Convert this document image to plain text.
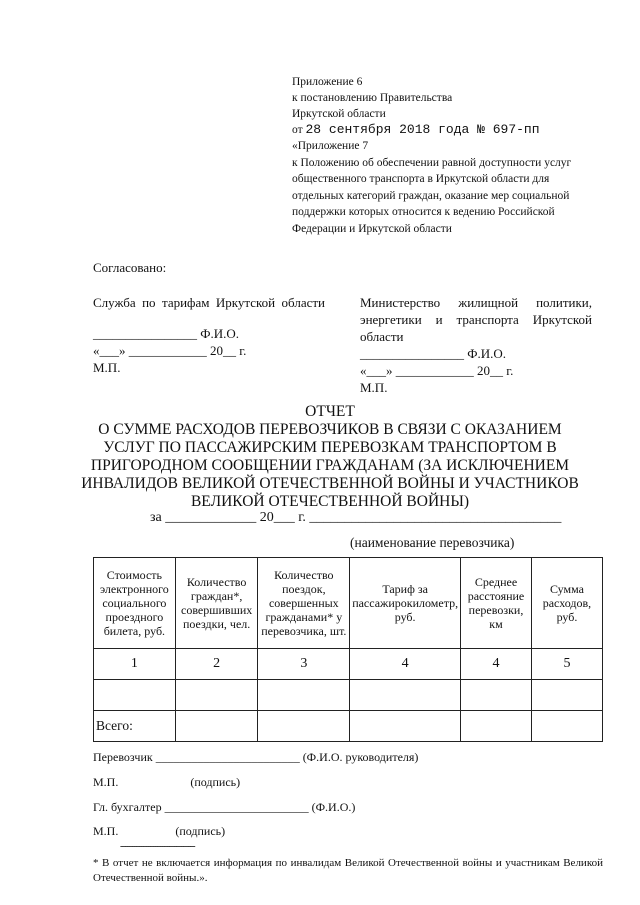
Приложение 6
к постановлению Правительства
Иркутской области
от 28 сентября 2018 года № 697-пп
«Приложение 7
к Положению об обеспечении равной доступности услуг общественного транспорта в Иркутской области для отдельных категорий граждан, оказание мер социальной поддержки которых относится к ведению Российской Федерации и Иркутской области
Согласовано:
Служба по тарифам Иркутской области
________________ Ф.И.О.
«___» ____________ 20__ г.
М.П.
Министерство жилищной политики, энергетики и транспорта Иркутской области
________________ Ф.И.О.
«___» ____________ 20__ г.
М.П.
ОТЧЕТ
О СУММЕ РАСХОДОВ ПЕРЕВОЗЧИКОВ В СВЯЗИ С ОКАЗАНИЕМ
УСЛУГ ПО ПАССАЖИРСКИМ ПЕРЕВОЗКАМ ТРАНСПОРТОМ В
ПРИГОРОДНОМ СООБЩЕНИИ ГРАЖДАНАМ (ЗА ИСКЛЮЧЕНИЕМ
ИНВАЛИДОВ ВЕЛИКОЙ ОТЕЧЕСТВЕННОЙ ВОЙНЫ И УЧАСТНИКОВ
ВЕЛИКОЙ ОТЕЧЕСТВЕННОЙ ВОЙНЫ)
за _____________ 20___ г. ____________________________________
(наименование перевозчика)
Стоимость электронного социального проездного билета, руб.	Количество граждан*, совершивших поездки, чел.	Количество поездок, совершенных гражданами* у перевозчика, шт.	Тариф за пассажирокилометр, руб.	Среднее расстояние перевозки, км	Сумма расходов, руб.
1	2	3	4	4	5

Всего:					
Перевозчик ________________________ (Ф.И.О. руководителя)
М.П.                        (подпись)
Гл. бухгалтер ________________________ (Ф.И.О.)
М.П.                   (подпись)
--------------------------------
* В отчет не включается информация по инвалидам Великой Отечественной войны и участникам Великой Отечественной войны.».
